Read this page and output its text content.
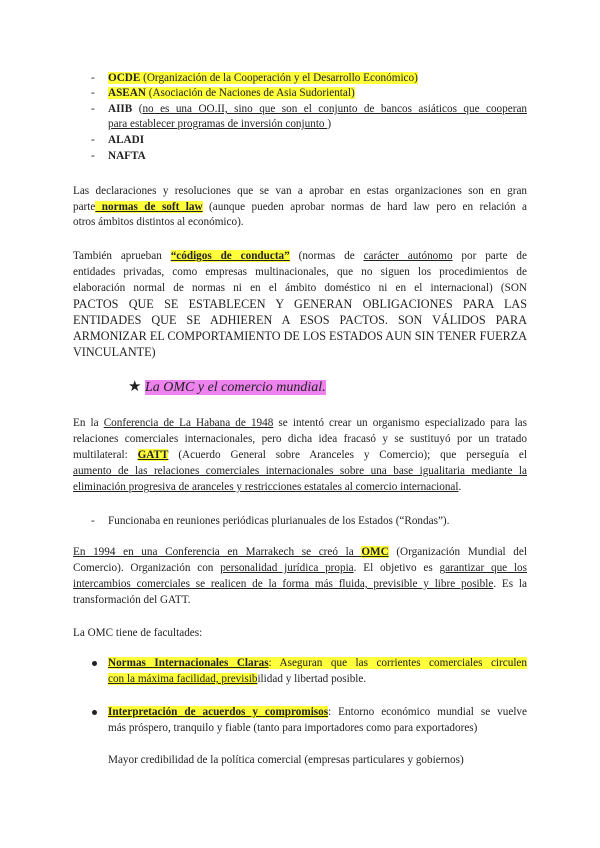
- OCDE (Organización de la Cooperación y el Desarrollo Económico)
- ASEAN (Asociación de Naciones de Asia Sudoriental)
- AIIB (no es una OO.II, sino que son el conjunto de bancos asiáticos que cooperan
para establecer programas de inversión conjunto )
- ALADI
- NAFTA
Las declaraciones y resoluciones que se van a aprobar en estas organizaciones son en gran
parte normas de soft law (aunque pueden aprobar normas de hard law pero en relación a
otros ámbitos distintos al económico).
También aprueban “códigos de conducta” (normas de carácter autónomo por parte de
entidades privadas, como empresas multinacionales, que no siguen los procedimientos de
elaboración normal de normas ni en el ámbito doméstico ni en el internacional) (SON
PACTOS QUE SE ESTABLECEN Y GENERAN OBLIGACIONES PARA LAS
ENTIDADES QUE SE ADHIEREN A ESOS PACTOS. SON VÁLIDOS PARA
ARMONIZAR EL COMPORTAMIENTO DE LOS ESTADOS AUN SIN TENER FUERZA
VINCULANTE)
★ La OMC y el comercio mundial.
En la Conferencia de La Habana de 1948 se intentó crear un organismo especializado para las
relaciones comerciales internacionales, pero dicha idea fracasó y se sustituyó por un tratado
multilateral: GATT (Acuerdo General sobre Aranceles y Comercio); que perseguía el
aumento de las relaciones comerciales internacionales sobre una base igualitaria mediante la
eliminación progresiva de aranceles y restricciones estatales al comercio internacional.
- Funcionaba en reuniones periódicas plurianuales de los Estados (“Rondas”).
En 1994 en una Conferencia en Marrakech se creó la OMC (Organización Mundial del
Comercio). Organización con personalidad jurídica propia. El objetivo es garantizar que los
intercambios comerciales se realicen de la forma más fluida, previsible y libre posible. Es la
transformación del GATT.
La OMC tiene de facultades:
Normas Internacionales Claras: Aseguran que las corrientes comerciales circulen
con la máxima facilidad, previsibilidad y libertad posible.
Interpretación de acuerdos y compromisos: Entorno económico mundial se vuelve
más próspero, tranquilo y fiable (tanto para importadores como para exportadores)
Mayor credibilidad de la política comercial (empresas particulares y gobiernos)
